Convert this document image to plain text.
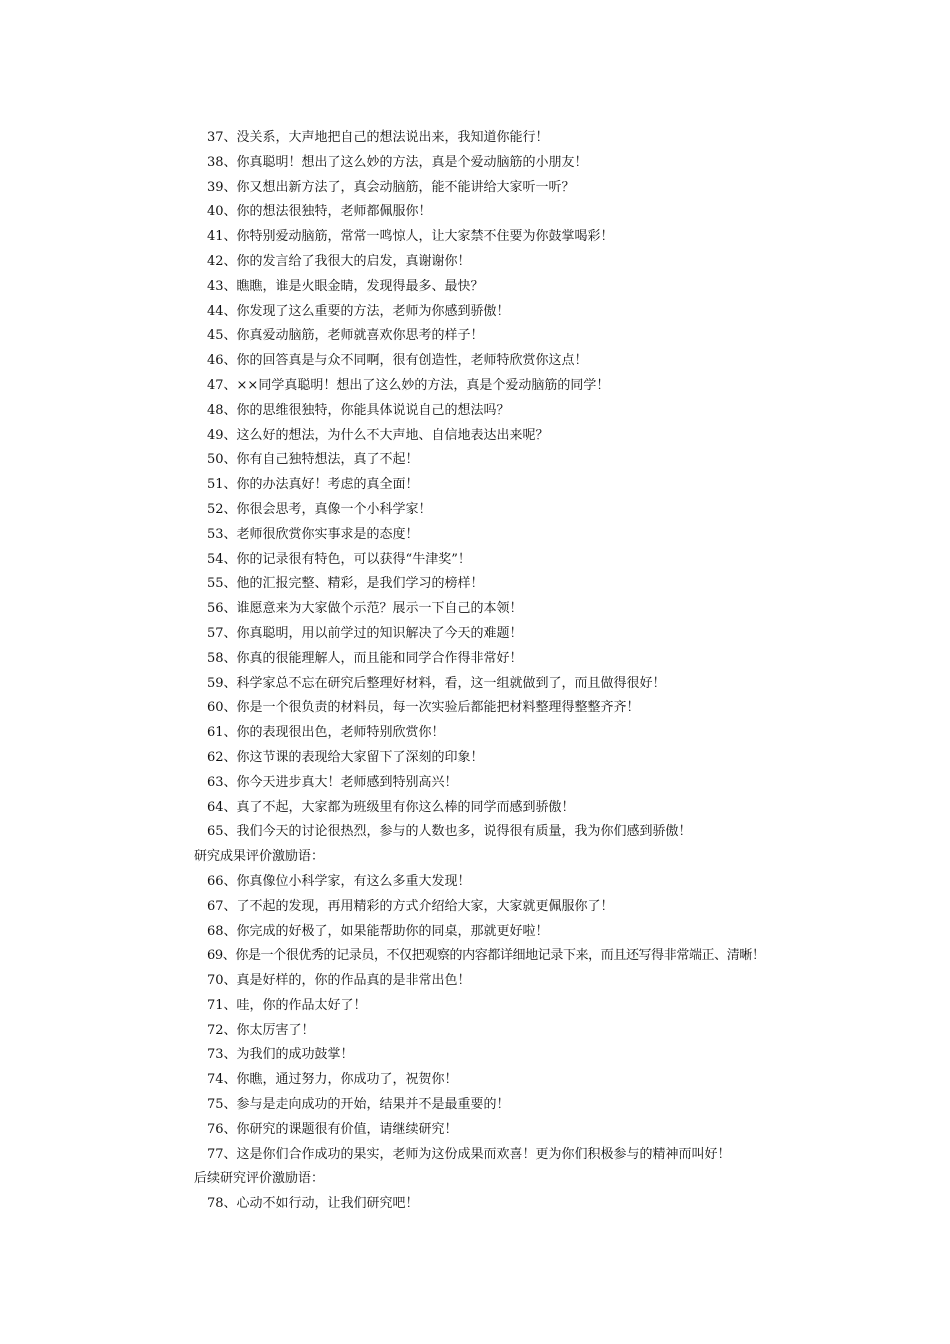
37、没关系，大声地把自己的想法说出来，我知道你能行！
38、你真聪明！想出了这么妙的方法，真是个爱动脑筋的小朋友！
39、你又想出新方法了，真会动脑筋，能不能讲给大家听一听？
40、你的想法很独特，老师都佩服你！
41、你特别爱动脑筋，常常一鸣惊人，让大家禁不住要为你鼓掌喝彩！
42、你的发言给了我很大的启发，真谢谢你！
43、瞧瞧，谁是火眼金睛，发现得最多、最快？
44、你发现了这么重要的方法，老师为你感到骄傲！
45、你真爱动脑筋，老师就喜欢你思考的样子！
46、你的回答真是与众不同啊，很有创造性，老师特欣赏你这点！
47、××同学真聪明！想出了这么妙的方法，真是个爱动脑筋的同学！
48、你的思维很独特，你能具体说说自己的想法吗？
49、这么好的想法，为什么不大声地、自信地表达出来呢？
50、你有自己独特想法，真了不起！
51、你的办法真好！考虑的真全面！
52、你很会思考，真像一个小科学家！
53、老师很欣赏你实事求是的态度！
54、你的记录很有特色，可以获得“牛津奖”！
55、他的汇报完整、精彩，是我们学习的榜样！
56、谁愿意来为大家做个示范？展示一下自己的本领！
57、你真聪明，用以前学过的知识解决了今天的难题！
58、你真的很能理解人，而且能和同学合作得非常好！
59、科学家总不忘在研究后整理好材料，看，这一组就做到了，而且做得很好！
60、你是一个很负责的材料员，每一次实验后都能把材料整理得整整齐齐！
61、你的表现很出色，老师特别欣赏你！
62、你这节课的表现给大家留下了深刻的印象！
63、你今天进步真大！老师感到特别高兴！
64、真了不起，大家都为班级里有你这么棒的同学而感到骄傲！
65、我们今天的讨论很热烈，参与的人数也多，说得很有质量，我为你们感到骄傲！
研究成果评价激励语：
66、你真像位小科学家，有这么多重大发现！
67、了不起的发现，再用精彩的方式介绍给大家，大家就更佩服你了！
68、你完成的好极了，如果能帮助你的同桌，那就更好啦！
69、你是一个很优秀的记录员，不仅把观察的内容都详细地记录下来，而且还写得非常端正、清晰！
70、真是好样的，你的作品真的是非常出色！
71、哇，你的作品太好了！
72、你太厉害了！
73、为我们的成功鼓掌！
74、你瞧，通过努力，你成功了，祝贺你！
75、参与是走向成功的开始，结果并不是最重要的！
76、你研究的课题很有价值，请继续研究！
77、这是你们合作成功的果实，老师为这份成果而欢喜！更为你们积极参与的精神而叫好！
后续研究评价激励语：
78、心动不如行动，让我们研究吧！
